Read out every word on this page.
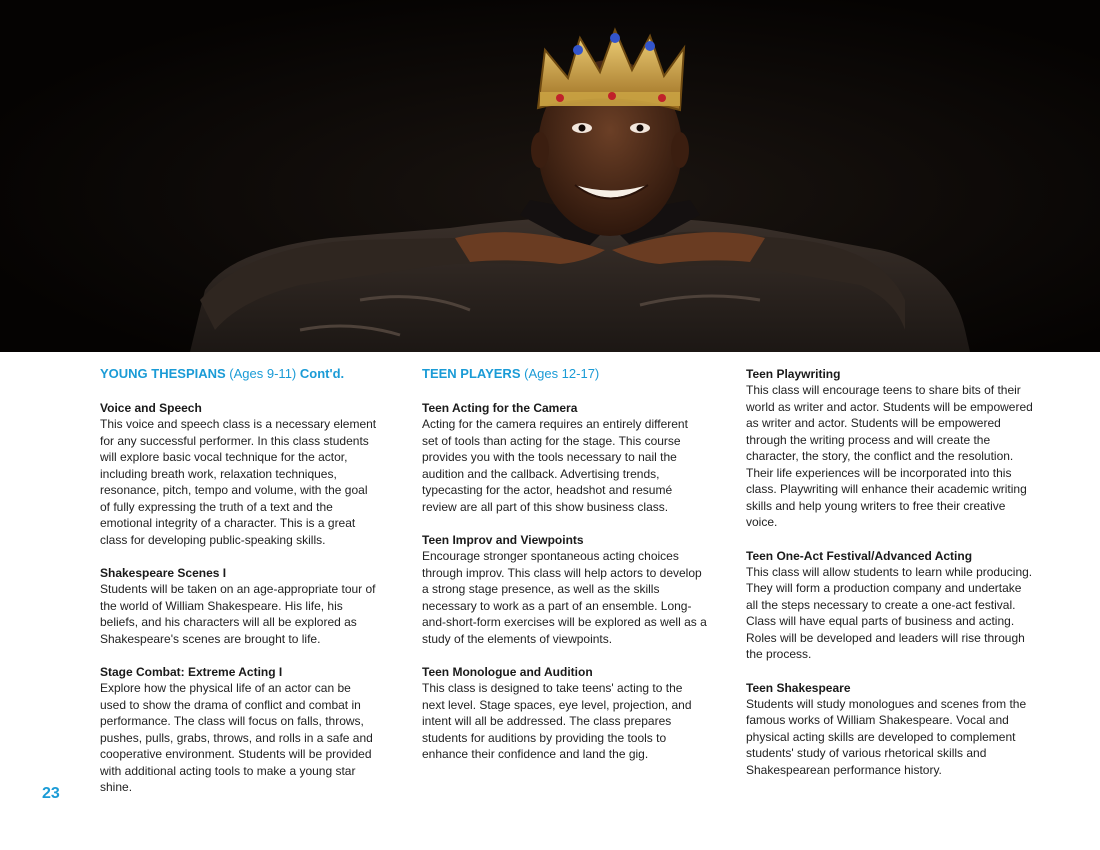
YOUNG THESPIANS (Ages 9-11) Cont'd.

Voice and Speech

This voice and speech class is a necessary element for any successful performer. In this class students will explore basic vocal technique for the actor, including breath work, relaxation techniques, resonance, pitch, tempo and volume, with the goal of fully expressing the truth of a text and the emotional integrity of a character. This is a great class for developing public-speaking skills.

Shakespeare Scenes I

Students will be taken on an age-appropriate tour of the world of William Shakespeare. His life, his beliefs, and his characters will all be explored as Shakespeare's scenes are brought to life.

Stage Combat: Extreme Acting I

Explore how the physical life of an actor can be used to show the drama of conflict and combat in performance. The class will focus on falls, throws, pushes, pulls, grabs, throws, and rolls in a safe and cooperative environment. Students will be provided with additional acting tools to make a young star shine.

TEEN PLAYERS (Ages 12-17)

Teen Acting for the Camera

Acting for the camera requires an entirely different set of tools than acting for the stage. This course provides you with the tools necessary to nail the audition and the callback. Advertising trends, typecasting for the actor, headshot and resumé review are all part of this show business class.

Teen Improv and Viewpoints

Encourage stronger spontaneous acting choices through improv. This class will help actors to develop a strong stage presence, as well as the skills necessary to work as a part of an ensemble. Long-and-short-form exercises will be explored as well as a study of the elements of viewpoints.

Teen Monologue and Audition

This class is designed to take teens' acting to the next level. Stage spaces, eye level, projection, and intent will all be addressed. The class prepares students for auditions by providing the tools to enhance their confidence and land the gig.

Teen Playwriting

This class will encourage teens to share bits of their world as writer and actor. Students will be empowered as writer and actor. Students will be empowered through the writing process and will create the character, the story, the conflict and the resolution. Their life experiences will be incorporated into this class. Playwriting will enhance their academic writing skills and help young writers to free their creative voice.

Teen One-Act Festival/Advanced Acting

This class will allow students to learn while producing. They will form a production company and undertake all the steps necessary to create a one-act festival. Class will have equal parts of business and acting. Roles will be developed and leaders will rise through the process.

Teen Shakespeare

Students will study monologues and scenes from the famous works of William Shakespeare. Vocal and physical acting skills are developed to complement students' study of various rhetorical skills and Shakespearean performance history.

23
